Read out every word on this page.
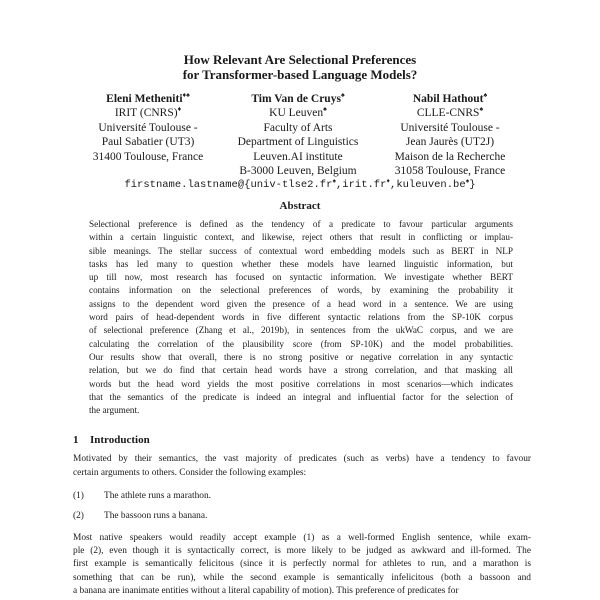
How Relevant Are Selectional Preferences
for Transformer-based Language Models?
Eleni Metheniti♦♠
IRIT (CNRS)♦
Université Toulouse -
Paul Sabatier (UT3)
31400 Toulouse, France
Tim Van de Cruys♠
KU Leuven♠
Faculty of Arts
Department of Linguistics
Leuven.AI institute
B-3000 Leuven, Belgium
Nabil Hathout♠
CLLE-CNRS♠
Université Toulouse -
Jean Jaurès (UT2J)
Maison de la Recherche
31058 Toulouse, France
firstname.lastname@{univ-tlse2.fr♠,irit.fr♦,kuleuven.be♠}
Abstract
Selectional preference is defined as the tendency of a predicate to favour particular arguments
within a certain linguistic context, and likewise, reject others that result in conflicting or implau-
sible meanings. The stellar success of contextual word embedding models such as BERT in NLP
tasks has led many to question whether these models have learned linguistic information, but
up till now, most research has focused on syntactic information. We investigate whether BERT
contains information on the selectional preferences of words, by examining the probability it
assigns to the dependent word given the presence of a head word in a sentence. We are using
word pairs of head-dependent words in five different syntactic relations from the SP-10K corpus
of selectional preference (Zhang et al., 2019b), in sentences from the ukWaC corpus, and we are
calculating the correlation of the plausibility score (from SP-10K) and the model probabilities.
Our results show that overall, there is no strong positive or negative correlation in any syntactic
relation, but we do find that certain head words have a strong correlation, and that masking all
words but the head word yields the most positive correlations in most scenarios—which indicates
that the semantics of the predicate is indeed an integral and influential factor for the selection of
the argument.
1 Introduction
Motivated by their semantics, the vast majority of predicates (such as verbs) have a tendency to favour
certain arguments to others. Consider the following examples:
(1) The athlete runs a marathon.
(2) The bassoon runs a banana.
Most native speakers would readily accept example (1) as a well-formed English sentence, while exam-
ple (2), even though it is syntactically correct, is more likely to be judged as awkward and ill-formed. The
first example is semantically felicitous (since it is perfectly normal for athletes to run, and a marathon is
something that can be run), while the second example is semantically infelicitous (both a bassoon and
a banana are inanimate entities without a literal capability of motion). This preference of predicates for
